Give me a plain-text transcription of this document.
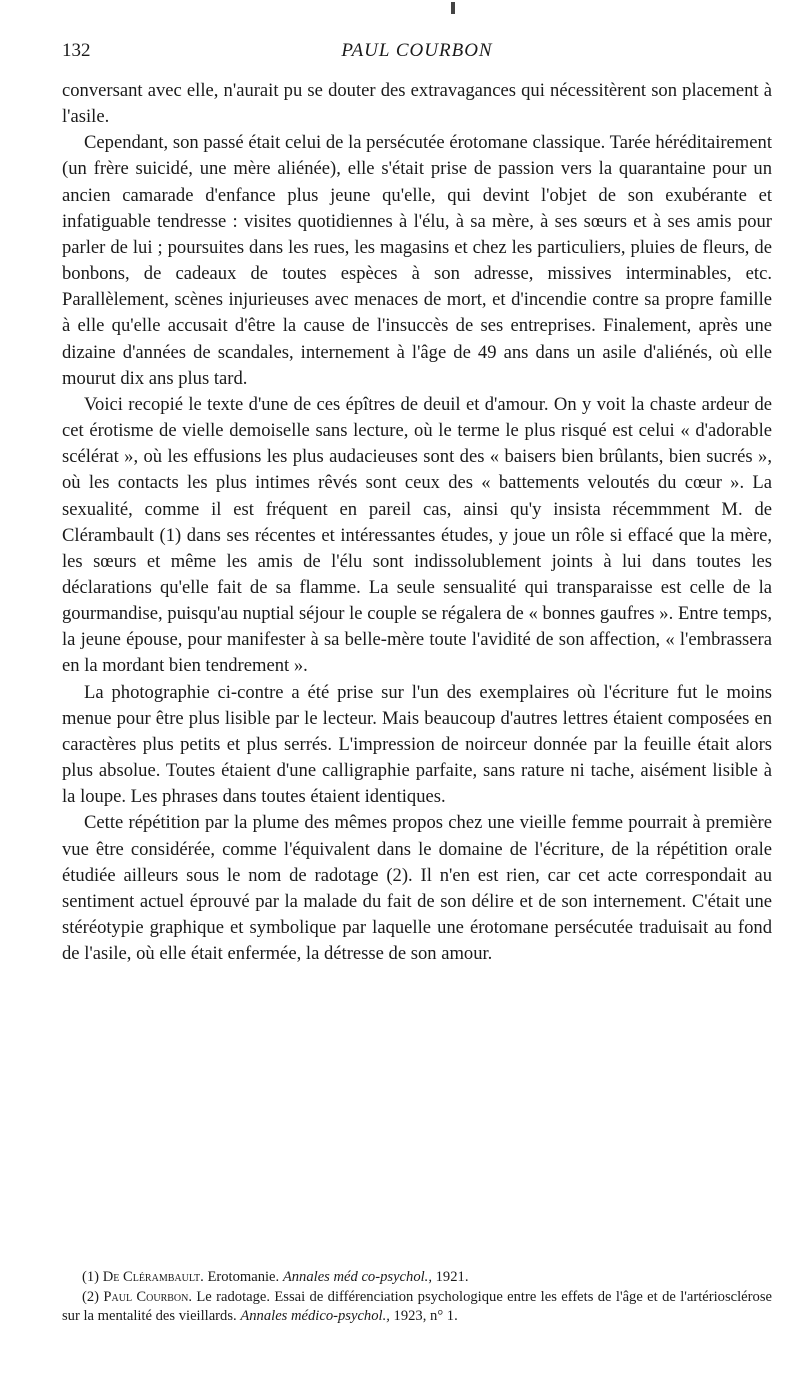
132	PAUL COURBON

conversant avec elle, n'aurait pu se douter des extravagances qui nécessitèrent son placement à l'asile.

Cependant, son passé était celui de la persécutée érotomane classique. Tarée héréditairement (un frère suicidé, une mère aliénée), elle s'était prise de passion vers la quarantaine pour un ancien camarade d'enfance plus jeune qu'elle, qui devint l'objet de son exubérante et infatiguable tendresse : visites quotidiennes à l'élu, à sa mère, à ses sœurs et à ses amis pour parler de lui ; poursuites dans les rues, les magasins et chez les particuliers, pluies de fleurs, de bonbons, de cadeaux de toutes espèces à son adresse, missives interminables, etc. Parallèlement, scènes injurieuses avec menaces de mort, et d'incendie contre sa propre famille à elle qu'elle accusait d'être la cause de l'insuccès de ses entreprises. Finalement, après une dizaine d'années de scandales, internement à l'âge de 49 ans dans un asile d'aliénés, où elle mourut dix ans plus tard.

Voici recopié le texte d'une de ces épîtres de deuil et d'amour. On y voit la chaste ardeur de cet érotisme de vielle demoiselle sans lecture, où le terme le plus risqué est celui « d'adorable scélérat », où les effusions les plus audacieuses sont des « baisers bien brûlants, bien sucrés », où les contacts les plus intimes rêvés sont ceux des « battements veloutés du cœur ». La sexualité, comme il est fréquent en pareil cas, ainsi qu'y insista récemmment M. de Clérambault (1) dans ses récentes et intéressantes études, y joue un rôle si effacé que la mère, les sœurs et même les amis de l'élu sont indissolublement joints à lui dans toutes les déclarations qu'elle fait de sa flamme. La seule sensualité qui transparaisse est celle de la gourmandise, puisqu'au nuptial séjour le couple se régalera de « bonnes gaufres ». Entre temps, la jeune épouse, pour manifester à sa belle-mère toute l'avidité de son affection, « l'embrassera en la mordant bien tendrement ».

La photographie ci-contre a été prise sur l'un des exemplaires où l'écriture fut le moins menue pour être plus lisible par le lecteur. Mais beaucoup d'autres lettres étaient composées en caractères plus petits et plus serrés. L'impression de noirceur donnée par la feuille était alors plus absolue. Toutes étaient d'une calligraphie parfaite, sans rature ni tache, aisément lisible à la loupe. Les phrases dans toutes étaient identiques.

Cette répétition par la plume des mêmes propos chez une vieille femme pourrait à première vue être considérée, comme l'équivalent dans le domaine de l'écriture, de la répétition orale étudiée ailleurs sous le nom de radotage (2). Il n'en est rien, car cet acte correspondait au sentiment actuel éprouvé par la malade du fait de son délire et de son internement. C'était une stéréotypie graphique et symbolique par laquelle une érotomane persécutée traduisait au fond de l'asile, où elle était enfermée, la détresse de son amour.

(1) De Clérambault. Erotomanie. Annales méd co-psychol., 1921.

(2) Paul Courbon. Le radotage. Essai de différenciation psychologique entre les effets de l'âge et de l'artériosclérose sur la mentalité des vieillards. Annales médico-psychol., 1923, n° 1.
